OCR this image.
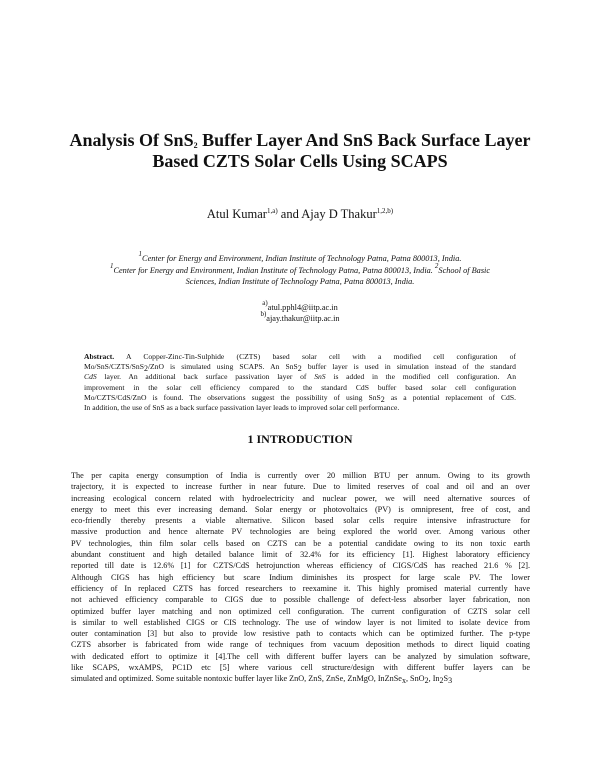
Analysis Of SnS$_2$ Buffer Layer And SnS Back Surface Layer
Based CZTS Solar Cells Using SCAPS
Atul Kumar$^{1,a)}$ and Ajay D Thakur$^{1,2,b)}$
$^1$Center for Energy and Environment, Indian Institute of Technology Patna, Patna 800013, India.
$^1$Center for Energy and Environment, Indian Institute of Technology Patna, Patna 800013, India. $^2$School of Basic
Sciences, Indian Institute of Technology Patna, Patna 800013, India.
$^{a)}$atul.pphl4@iitp.ac.in
$^{b)}$ajay.thakur@iitp.ac.in
Abstract. A Copper-Zinc-Tin-Sulphide (CZTS) based solar cell with a modified cell configuration of
Mo/SnS/CZTS/SnS$_2$/ZnO is simulated using SCAPS. An SnS$_2$ buffer layer is used in simulation instead of the standard
CdS layer. An additional back surface passivation layer of SnS is added in the modified cell configuration. An
improvement in the solar cell efficiency compared to the standard CdS buffer based solar cell configuration
Mo/CZTS/CdS/ZnO is found. The observations suggest the possibility of using SnS$_2$ as a potential replacement of CdS.
In addition, the use of SnS as a back surface passivation layer leads to improved solar cell performance.
1 INTRODUCTION
The per capita energy consumption of India is currently over 20 million BTU per annum. Owing to its growth
trajectory, it is expected to increase further in near future. Due to limited reserves of coal and oil and an over
increasing ecological concern related with hydroelectricity and nuclear power, we will need alternative sources of
energy to meet this ever increasing demand. Solar energy or photovoltaics (PV) is omnipresent, free of cost, and
eco-friendly thereby presents a viable alternative. Silicon based solar cells require intensive infrastructure for
massive production and hence alternate PV technologies are being explored the world over. Among various other
PV technologies, thin film solar cells based on CZTS can be a potential candidate owing to its non toxic earth
abundant constituent and high detailed balance limit of 32.4% for its efficiency [1]. Highest laboratory efficiency
reported till date is 12.6% [1] for CZTS/CdS hetrojunction whereas efficiency of CIGS/CdS has reached 21.6 % [2].
Although CIGS has high efficiency but scare Indium diminishes its prospect for large scale PV. The lower
efficiency of In replaced CZTS has forced researchers to reexamine it. This highly promised material currently have
not achieved efficiency comparable to CIGS due to possible challenge of defect-less absorber layer fabrication, non
optimized buffer layer matching and non optimized cell configuration. The current configuration of CZTS solar cell
is similar to well established CIGS or CIS technology. The use of window layer is not limited to isolate device from
outer contamination [3] but also to provide low resistive path to contacts which can be optimized further. The p-type
CZTS absorber is fabricated from wide range of techniques from vacuum deposition methods to direct liquid coating
with dedicated effort to optimize it [4].The cell with different buffer layers can be analyzed by simulation software,
like SCAPS, wxAMPS, PC1D etc [5] where various cell structure/design with different buffer layers can be
simulated and optimized. Some suitable nontoxic buffer layer like ZnO, ZnS, ZnSe, ZnMgO, InZnSe$_x$, SnO$_2$, $In_2S_3$
